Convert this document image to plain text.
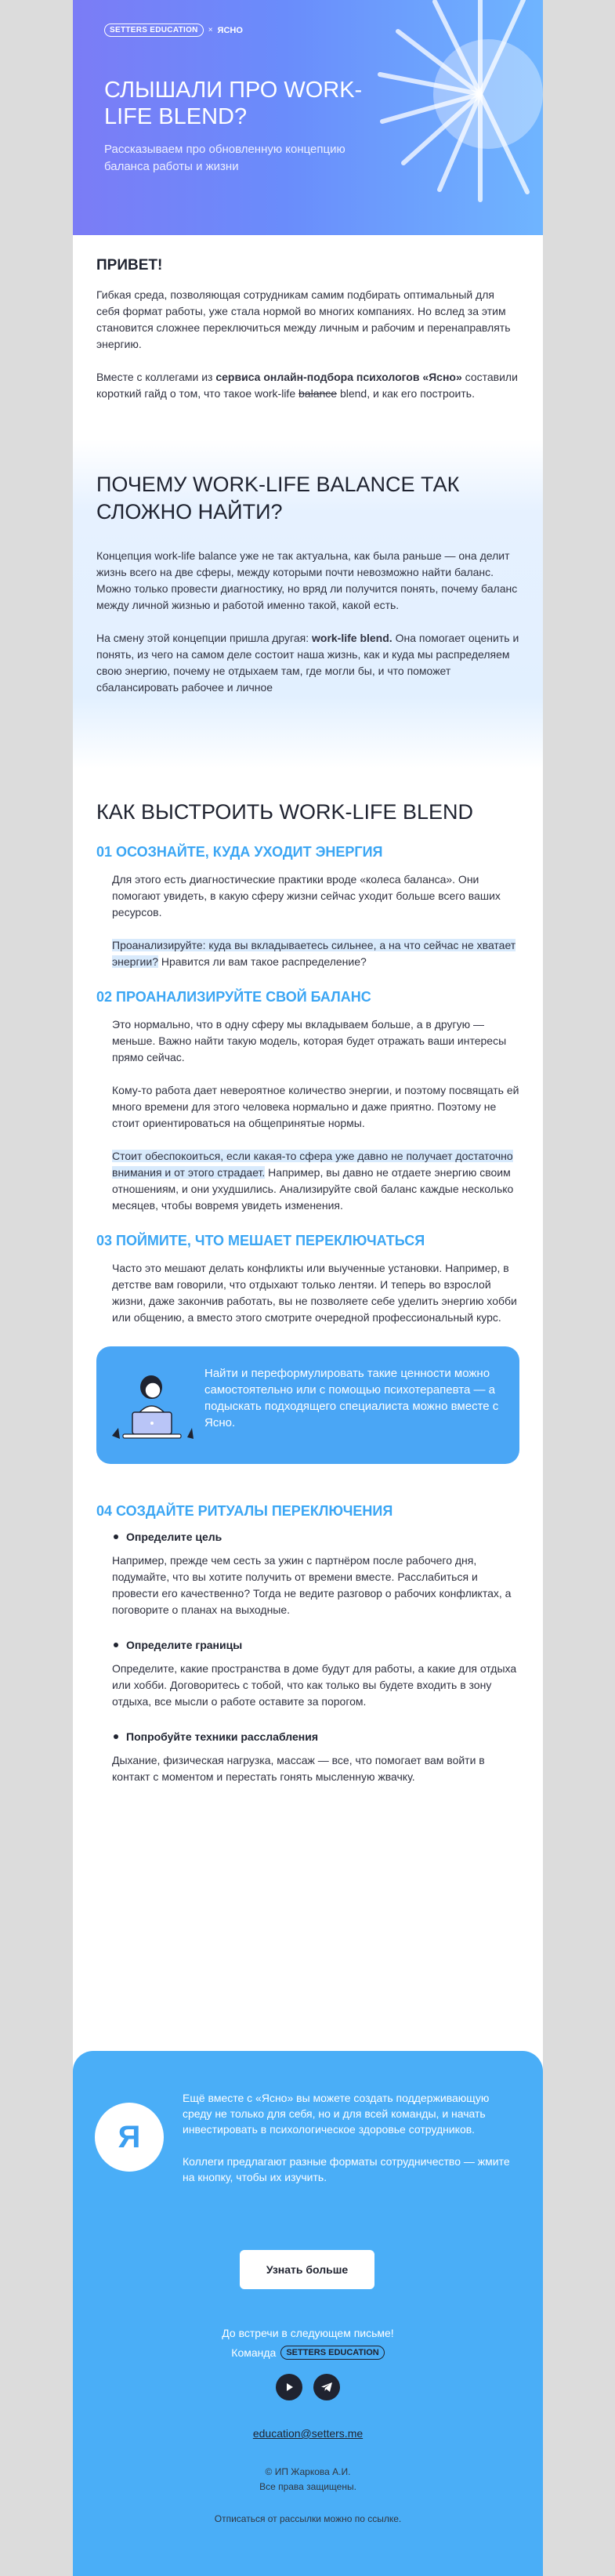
SETTERS EDUCATION	× ЯСНО
СЛЫШАЛИ ПРО WORK-LIFE BLEND?

Рассказываем про обновленную концепцию баланса работы и жизни

ПРИВЕТ!

Гибкая среда, позволяющая сотрудникам самим подбирать оптимальный для себя формат работы, уже стала нормой во многих компаниях. Но вслед за этим становится сложнее переключиться между личным и рабочим и перенаправлять энергию.

Вместе с коллегами из сервиса онлайн-подбора психологов «Ясно» составили короткий гайд о том, что такое work-life balance blend, и как его построить.

ПОЧЕМУ WORK-LIFE BALANCE ТАК СЛОЖНО НАЙТИ?

Концепция work-life balance уже не так актуальна, как была раньше — она делит жизнь всего на две сферы, между которыми почти невозможно найти баланс. Можно только провести диагностику, но вряд ли получится понять, почему баланс между личной жизнью и работой именно такой, какой есть.

На смену этой концепции пришла другая: work-life blend. Она помогает оценить и понять, из чего на самом деле состоит наша жизнь, как и куда мы распределяем свою энергию, почему не отдыхаем там, где могли бы, и что поможет сбалансировать рабочее и личное

КАК ВЫСТРОИТЬ WORK-LIFE BLEND
01 ОСОЗНАЙТЕ, КУДА УХОДИТ ЭНЕРГИЯ

Для этого есть диагностические практики вроде «колеса баланса». Они помогают увидеть, в какую сферу жизни сейчас уходит больше всего ваших ресурсов.

Проанализируйте: куда вы вкладываетесь сильнее, а на что сейчас не хватает энергии? Нравится ли вам такое распределение?

02 ПРОАНАЛИЗИРУЙТЕ СВОЙ БАЛАНС

Это нормально, что в одну сферу мы вкладываем больше, а в другую — меньше. Важно найти такую модель, которая будет отражать ваши интересы прямо сейчас.

Кому-то работа дает невероятное количество энергии, и поэтому посвящать ей много времени для этого человека нормально и даже приятно. Поэтому не стоит ориентироваться на общепринятые нормы.

Стоит обеспокоиться, если какая-то сфера уже давно не получает достаточно внимания и от этого страдает. Например, вы давно не отдаете энергию своим отношениям, и они ухудшились. Анализируйте свой баланс каждые несколько месяцев, чтобы вовремя увидеть изменения.

03 ПОЙМИТЕ, ЧТО МЕШАЕТ ПЕРЕКЛЮЧАТЬСЯ

Часто это мешают делать конфликты или выученные установки. Например, в детстве вам говорили, что отдыхают только лентяи. И теперь во взрослой жизни, даже закончив работать, вы не позволяете себе уделить энергию хобби или общению, а вместо этого смотрите очередной профессиональный курс.

Найти и переформулировать такие ценности можно самостоятельно или с помощью психотерапевта — а подыскать подходящего специалиста можно вместе с Ясно.

04 СОЗДАЙТЕ РИТУАЛЫ ПЕРЕКЛЮЧЕНИЯ
Определите цель

Например, прежде чем сесть за ужин с партнёром после рабочего дня, подумайте, что вы хотите получить от времени вместе. Расслабиться и провести его качественно? Тогда не ведите разговор о рабочих конфликтах, а поговорите о планах на выходные.

Определите границы

Определите, какие пространства в доме будут для работы, а какие для отдыха или хобби. Договоритесь с тобой, что как только вы будете входить в зону отдыха, все мысли о работе оставите за порогом.

Попробуйте техники расслабления

Дыхание, физическая нагрузка, массаж — все, что помогает вам войти в контакт с моментом и перестать гонять мысленную жвачку.

Я

Ещё вместе с «Ясно» вы можете создать поддерживающую среду не только для себя, но и для всей команды, и начать инвестировать в психологическое здоровье сотрудников.

Коллеги предлагают разные форматы сотрудничество — жмите на кнопку, чтобы их изучить.

Узнать больше
До встречи в следующем письме!
Команда	SETTERS EDUCATION
education@setters.me
© ИП Жаркова А.И.
Все права защищены.
Отписаться от рассылки можно по ссылке.
